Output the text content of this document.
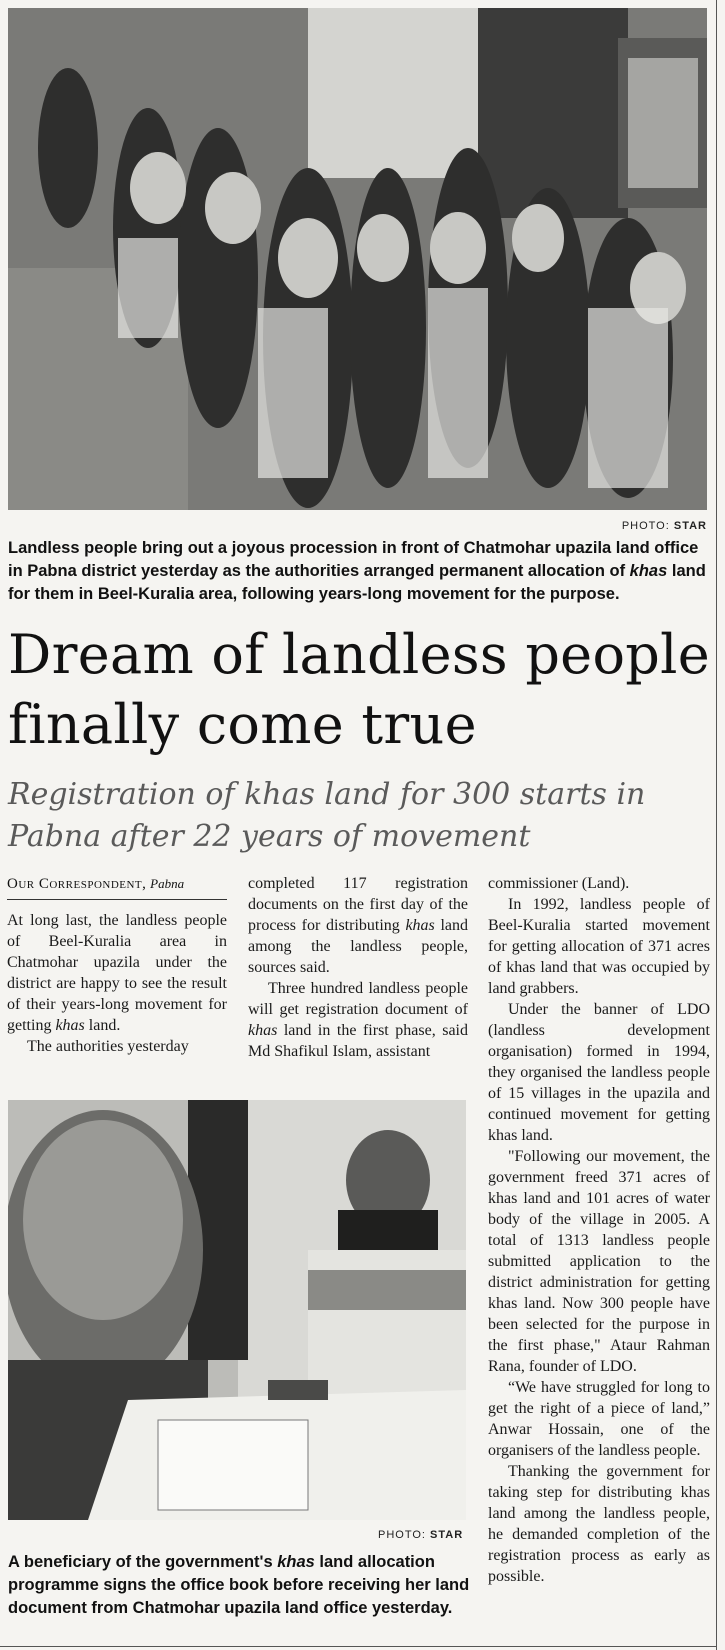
PHOTO: STAR
Landless people bring out a joyous procession in front of Chatmohar upazila land office in Pabna district yesterday as the authorities arranged permanent allocation of khas land for them in Beel-Kuralia area, following years-long movement for the purpose.
Dream of landless people finally come true
Registration of khas land for 300 starts in Pabna after 22 years of movement
Our Correspondent, Pabna

At long last, the landless people of Beel-Kuralia area in Chatmohar upazila under the district are happy to see the result of their years-long movement for getting khas land.

The authorities yesterday

completed 117 registration documents on the first day of the process for distributing khas land among the landless people, sources said.

Three hundred landless people will get registration document of khas land in the first phase, said Md Shafikul Islam, assistant

commissioner (Land).

In 1992, landless people of Beel-Kuralia started movement for getting allocation of 371 acres of khas land that was occupied by land grabbers.

Under the banner of LDO (landless development organisation) formed in 1994, they organised the landless people of 15 villages in the upazila and continued movement for getting khas land.

"Following our movement, the government freed 371 acres of khas land and 101 acres of water body of the village in 2005. A total of 1313 landless people submitted application to the district administration for getting khas land. Now 300 people have been selected for the purpose in the first phase," Ataur Rahman Rana, founder of LDO.

“We have struggled for long to get the right of a piece of land,” Anwar Hossain, one of the organisers of the landless people.

Thanking the government for taking step for distributing khas land among the landless people, he demanded completion of the registration process as early as possible.

PHOTO: STAR
A beneficiary of the government's khas land allocation programme signs the office book before receiving her land document from Chatmohar upazila land office yesterday.
